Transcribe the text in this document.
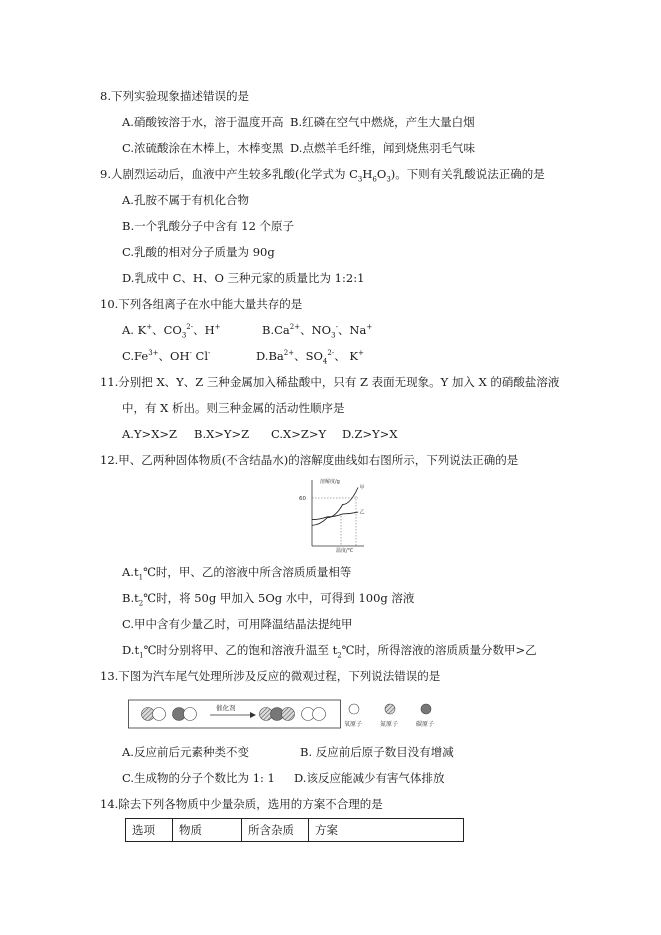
8.下列实验现象描述错误的是
A.硝酸铵溶于水，溶于温度开高 B.红磷在空气中燃烧，产生大量白烟
C.浓硫酸涂在木棒上，木棒变黑 D.点燃羊毛纤维，闻到烧焦羽毛气味
9.人剧烈运动后，血液中产生较多乳酸(化学式为 $C_3H_6O_3$)。下则有关乳酸说法正确的是
A.孔胺不属于有机化合物
B.一个乳酸分子中含有 12 个原子
C.乳酸的相对分子质量为 90g
D.乳成中 C、H、O 三种元家的质量比为 1:2:1
10.下列各组离子在水中能大量共存的是
A. K+、$CO_3^{2-}$、H+	$B.Ca^{2+}$、$NO_3^-$、Na+
$C.Fe^{3+}$、OH- Cl-	$D.Ba^{2+}$、$SO_4^{2-}$、 K+
11.分别把 X、Y、Z 三种金属加入稀盐酸中，只有 Z 表面无现象。Y 加入 X 的硝酸盐溶液
中，有 X 析出。则三种金属的活动性顺序是
A.Y>X>Z B.X>Y>Z C.X>Z>Y D.Z>Y>X
12.甲、乙两种固体物质(不含结晶水)的溶解度曲线如右图所示，下列说法正确的是
溶解度/g
温度/℃
60
甲
乙
$A.t_1℃$时，甲、乙的溶液中所含溶质质量相等
$B.t_2℃$时，将 50g 甲加入 5Og 水中，可得到 100g 溶液
C.甲中含有少量乙时，可用降温结晶法提纯甲
$D.t_1℃$时分别将甲、乙的饱和溶液升温至 $t_2℃$时，所得溶液的溶质质量分数甲>乙
13.下图为汽车尾气处理所涉及反应的微观过程，下列说法错误的是
催化剂
氧原子	氮原子	碳原子
A.反应前后元素种类不变	B. 反应前后原子数目没有增减
C.生成物的分子个数比为 1: 1 D.该反应能减少有害气体排放
14.除去下列各物质中少量杂质，选用的方案不合理的是
选项	物质	所含杂质	方案
